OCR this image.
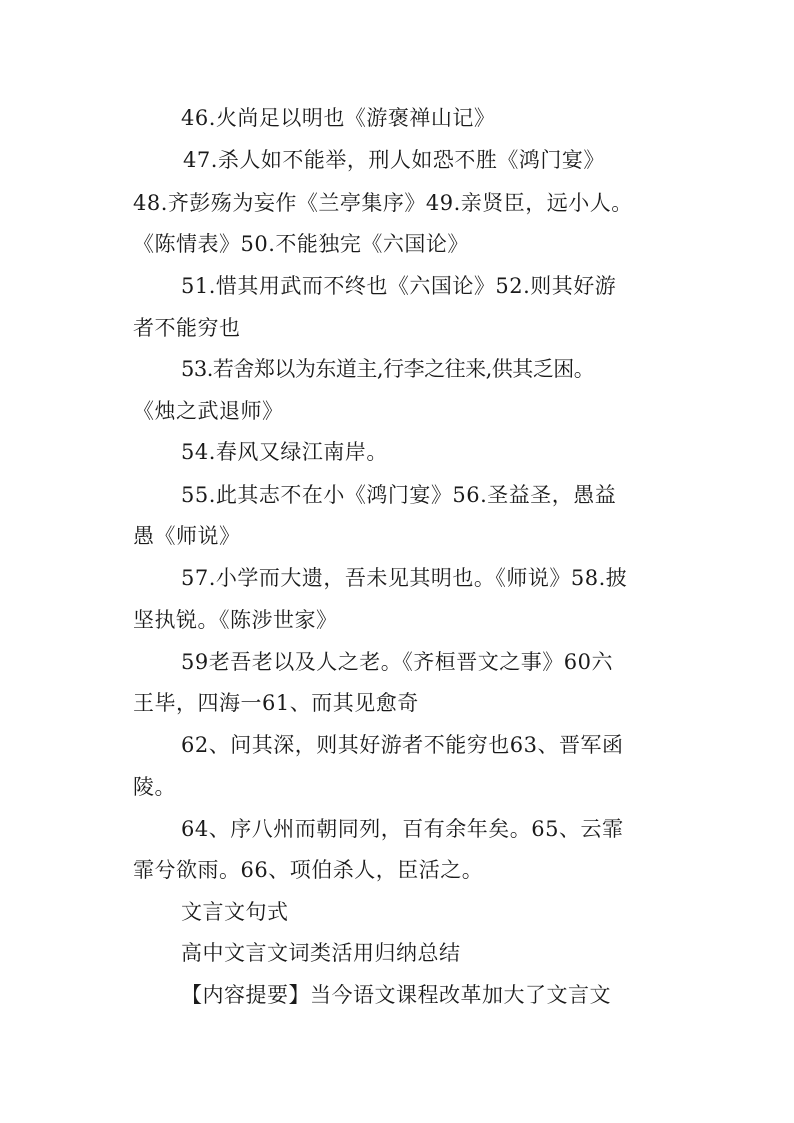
46.火尚足以明也《游褒禅山记》
47.杀人如不能举，刑人如恐不胜《鸿门宴》
48.齐彭殇为妄作《兰亭集序》49.亲贤臣，远小人。
《陈情表》50.不能独完《六国论》
51.惜其用武而不终也《六国论》52.则其好游
者不能穷也
53.若舍郑以为东道主,行李之往来,供其乏困。
《烛之武退师》
54.春风又绿江南岸。
55.此其志不在小《鸿门宴》56.圣益圣，愚益
愚《师说》
57.小学而大遗，吾未见其明也。《师说》58.披
坚执锐。《陈涉世家》
59老吾老以及人之老。《齐桓晋文之事》60六
王毕，四海一61、而其见愈奇
62、问其深，则其好游者不能穷也63、晋军函
陵。
64、序八州而朝同列，百有余年矣。65、云霏
霏兮欲雨。66、项伯杀人，臣活之。
文言文句式
高中文言文词类活用归纳总结
【内容提要】当今语文课程改革加大了文言文
